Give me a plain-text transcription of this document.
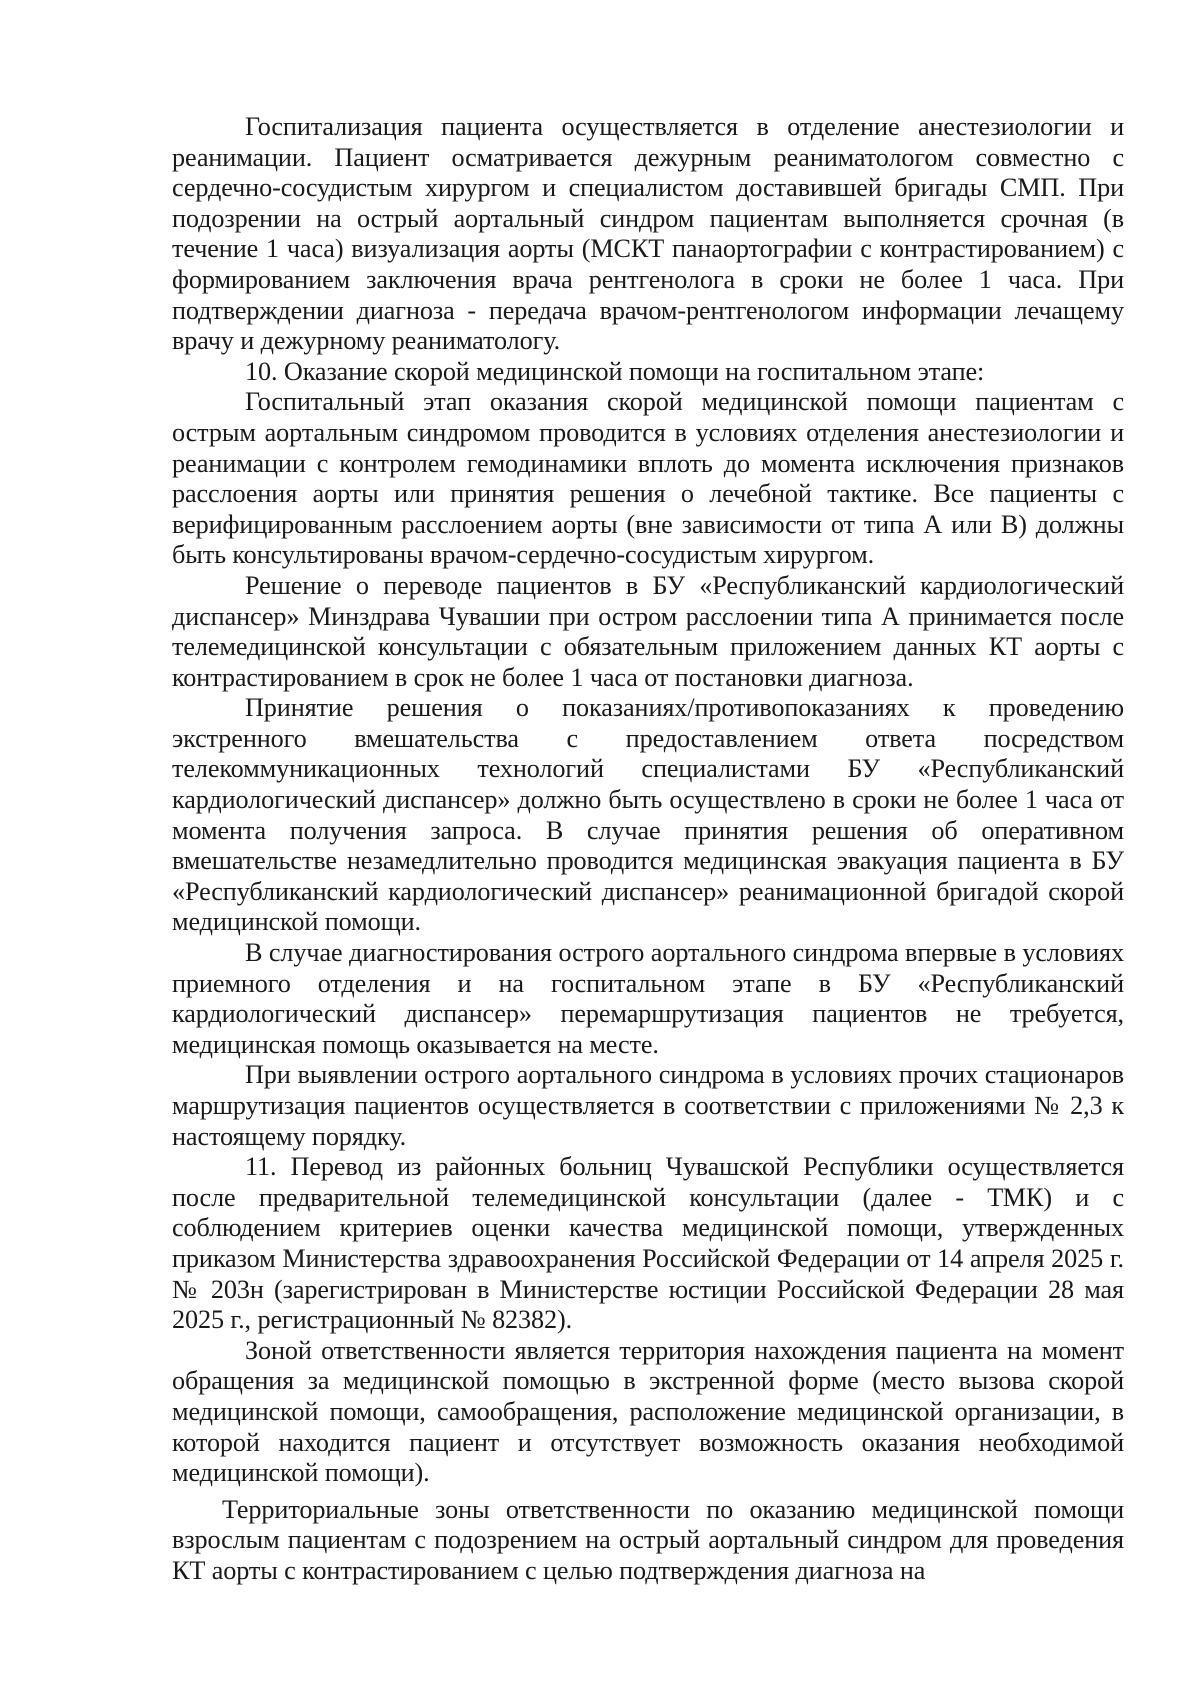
Госпитализация пациента осуществляется в отделение анестезиологии и реанимации. Пациент осматривается дежурным реаниматологом совместно с сердечно-сосудистым хирургом и специалистом доставившей бригады СМП. При подозрении на острый аортальный синдром пациентам выполняется срочная (в течение 1 часа) визуализация аорты (МСКТ панаортографии с контрастированием) с формированием заключения врача рентгенолога в сроки не более 1 часа. При подтверждении диагноза - передача врачом-рентгенологом информации лечащему врачу и дежурному реаниматологу.

10. Оказание скорой медицинской помощи на госпитальном этапе:

Госпитальный этап оказания скорой медицинской помощи пациентам с острым аортальным синдромом проводится в условиях отделения анестезиологии и реанимации с контролем гемодинамики вплоть до момента исключения признаков расслоения аорты или принятия решения о лечебной тактике. Все пациенты с верифицированным расслоением аорты (вне зависимости от типа А или В) должны быть консультированы врачом-сердечно-сосудистым хирургом.

Решение о переводе пациентов в БУ «Республиканский кардиологический диспансер» Минздрава Чувашии при остром расслоении типа А принимается после телемедицинской консультации с обязательным приложением данных КТ аорты с контрастированием в срок не более 1 часа от постановки диагноза.

Принятие решения о показаниях/противопоказаниях к проведению экстренного вмешательства с предоставлением ответа посредством телекоммуникационных технологий специалистами БУ «Республиканский кардиологический диспансер» должно быть осуществлено в сроки не более 1 часа от момента получения запроса. В случае принятия решения об оперативном вмешательстве незамедлительно проводится медицинская эвакуация пациента в БУ «Республиканский кардиологический диспансер» реанимационной бригадой скорой медицинской помощи.

В случае диагностирования острого аортального синдрома впервые в условиях приемного отделения и на госпитальном этапе в БУ «Республиканский кардиологический диспансер» перемаршрутизация пациентов не требуется, медицинская помощь оказывается на месте.

При выявлении острого аортального синдрома в условиях прочих стационаров маршрутизация пациентов осуществляется в соответствии с приложениями № 2,3 к настоящему порядку.

11. Перевод из районных больниц Чувашской Республики осуществляется после предварительной телемедицинской консультации (далее - ТМК) и с соблюдением критериев оценки качества медицинской помощи, утвержденных приказом Министерства здравоохранения Российской Федерации от 14 апреля 2025 г. № 203н (зарегистрирован в Министерстве юстиции Российской Федерации 28 мая 2025 г., регистрационный № 82382).

Зоной ответственности является территория нахождения пациента на момент обращения за медицинской помощью в экстренной форме (место вызова скорой медицинской помощи, самообращения, расположение медицинской организации, в которой находится пациент и отсутствует возможность оказания необходимой медицинской помощи).

Территориальные зоны ответственности по оказанию медицинской помощи взрослым пациентам с подозрением на острый аортальный синдром для проведения КТ аорты с контрастированием с целью подтверждения диагноза на
